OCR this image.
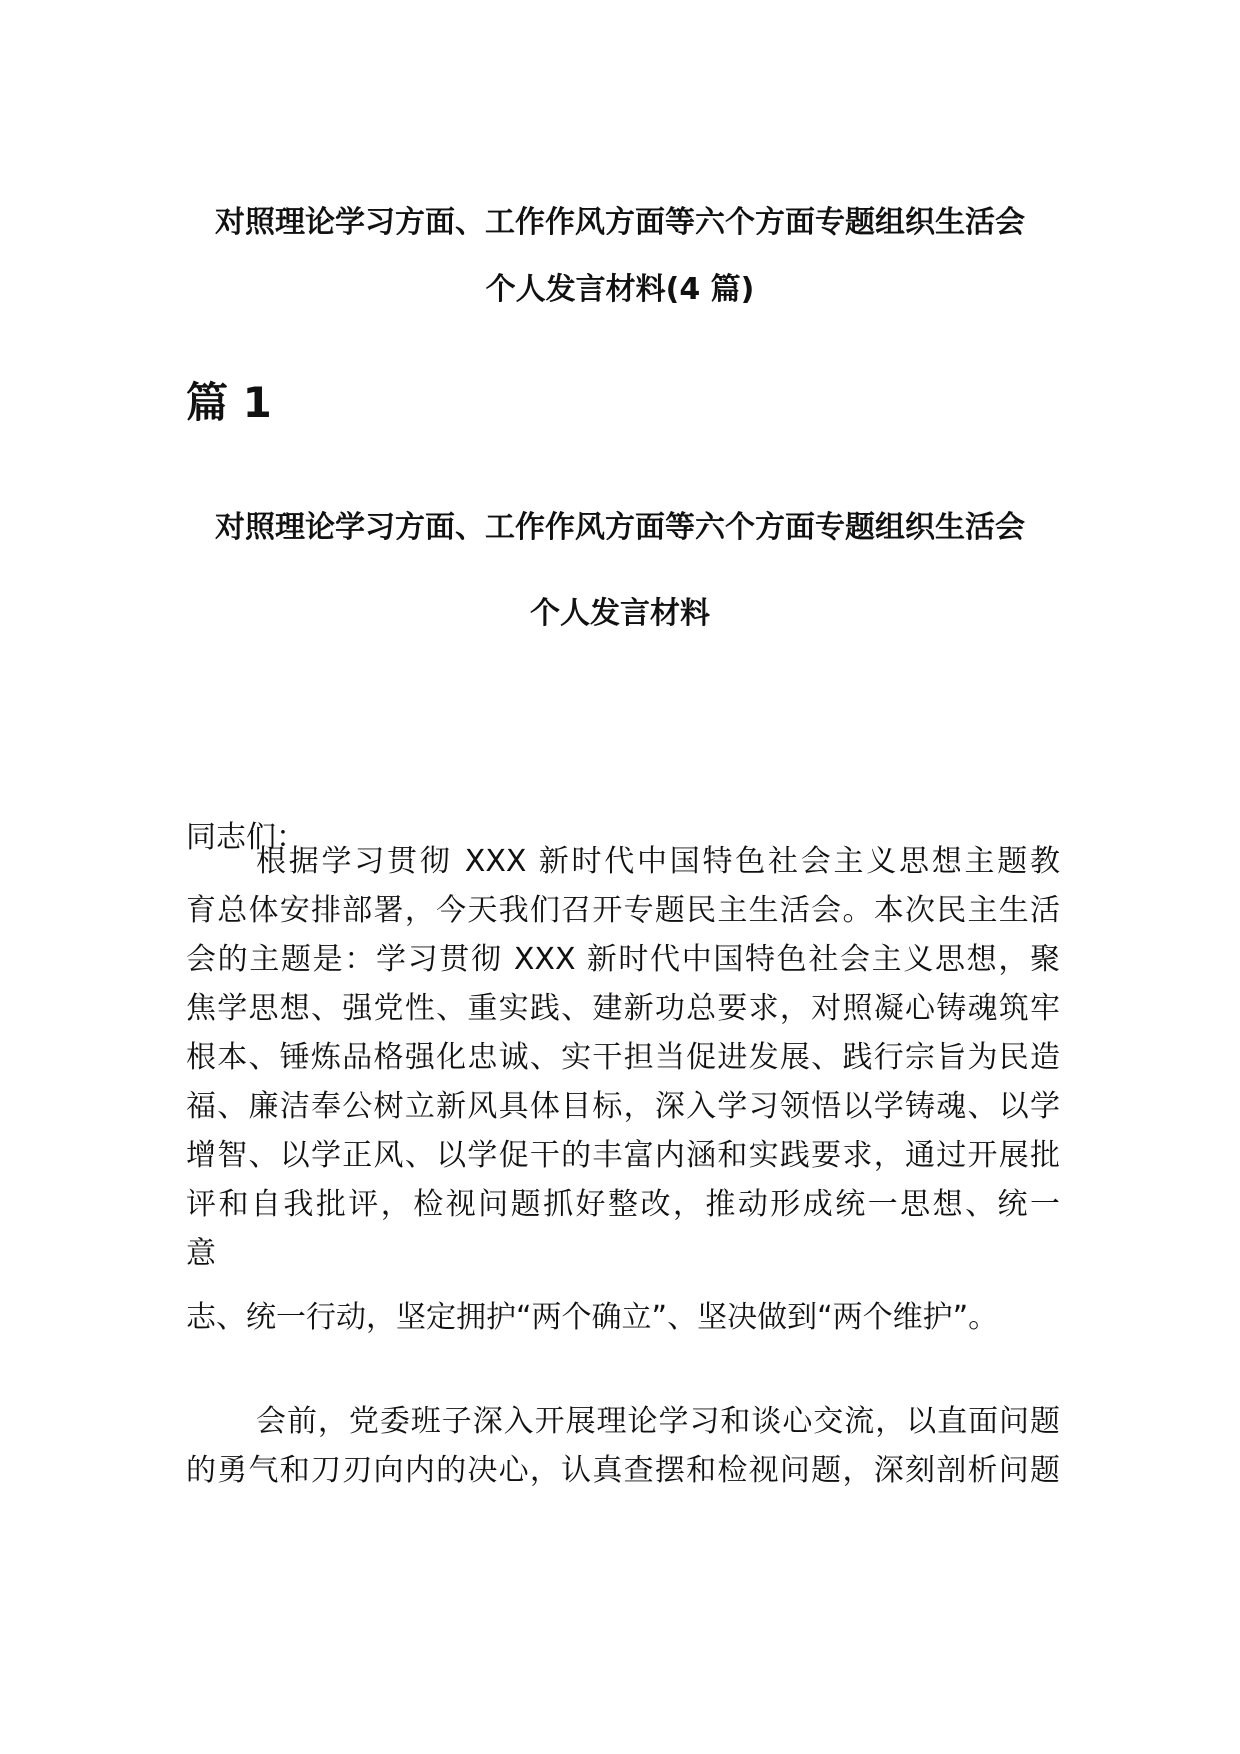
对照理论学习方面、工作作风方面等六个方面专题组织生活会
个人发言材料(4 篇)
篇 1
对照理论学习方面、工作作风方面等六个方面专题组织生活会
个人发言材料
同志们：
根据学习贯彻 XXX 新时代中国特色社会主义思想主题教
育总体安排部署，今天我们召开专题民主生活会。本次民主生活
会的主题是：学习贯彻 XXX 新时代中国特色社会主义思想，聚
焦学思想、强党性、重实践、建新功总要求，对照凝心铸魂筑牢
根本、锤炼品格强化忠诚、实干担当促进发展、践行宗旨为民造
福、廉洁奉公树立新风具体目标，深入学习领悟以学铸魂、以学
增智、以学正风、以学促干的丰富内涵和实践要求，通过开展批
评和自我批评，检视问题抓好整改，推动形成统一思想、统一
意
志、统一行动，坚定拥护“两个确立”、坚决做到“两个维护”。
会前，党委班子深入开展理论学习和谈心交流，以直面问题
的勇气和刀刃向内的决心，认真查摆和检视问题，深刻剖析问题
